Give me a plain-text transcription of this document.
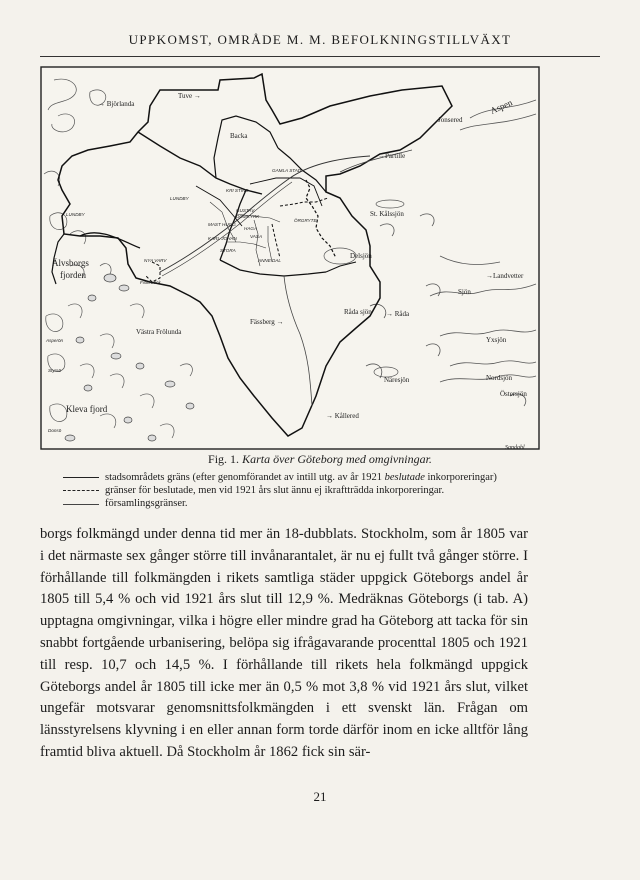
UPPKOMST, OMRÅDE M. M. BEFOLKNINGSTILLVÄXT
→ Björlanda
Tuve →
Backa
Jonsered
Aspen
→Partille
GAMLA STAD
LUNDBY
KRI STINE
LUNDBY
GUSTAV
DOMKYRK
HAGA
MAST HUGG
KARL JOHAN	VASA
ÖRGRYTE
St. Kålssjön
Delsjön
→Landvetter
Sjön
Älvsborgs
fjorden
NYA VARV	ANNE DAL
Fässberg →
Västra Frölunda
Råda sjön → Råda
Asperön
Styrsö
Yxsjön
Nordsjön
Östersjön
Näresjön
Kleva fjord
Donsö
→ Kållered
Fiskebäck
STORA
Sandahl
Fig. 1. Karta över Göteborg med omgivningar.
stadsområdets gräns (efter genomförandet av intill utg. av år 1921 beslutade inkorporeringar)
gränser för beslutade, men vid 1921 års slut ännu ej ikraftträdda inkorporeringar.
församlingsgränser.

borgs folkmängd under denna tid mer än 18-dubblats. Stockholm, som år 1805 var i det närmaste sex gånger större till invånarantalet, är nu ej fullt två gånger större. I förhållande till folkmängden i rikets samtliga städer uppgick Göteborgs andel år 1805 till 5,4 % och vid 1921 års slut till 12,9 %. Medräknas Göteborgs (i tab. A) upptagna omgivningar, vilka i högre eller mindre grad ha Göteborg att tacka för sin snabbt fortgående urbanisering, belöpa sig ifrågavarande procenttal 1805 och 1921 till resp. 10,7 och 14,5 %. I förhållande till rikets hela folkmängd uppgick Göteborgs andel år 1805 till icke mer än 0,5 % mot 3,8 % vid 1921 års slut, vilket ungefär motsvarar genomsnittsfolkmängden i ett svenskt län. Frågan om länsstyrelsens klyvning i en eller annan form torde därför inom en icke alltför lång framtid bliva aktuell. Då Stockholm år 1862 fick sin sär-

21
